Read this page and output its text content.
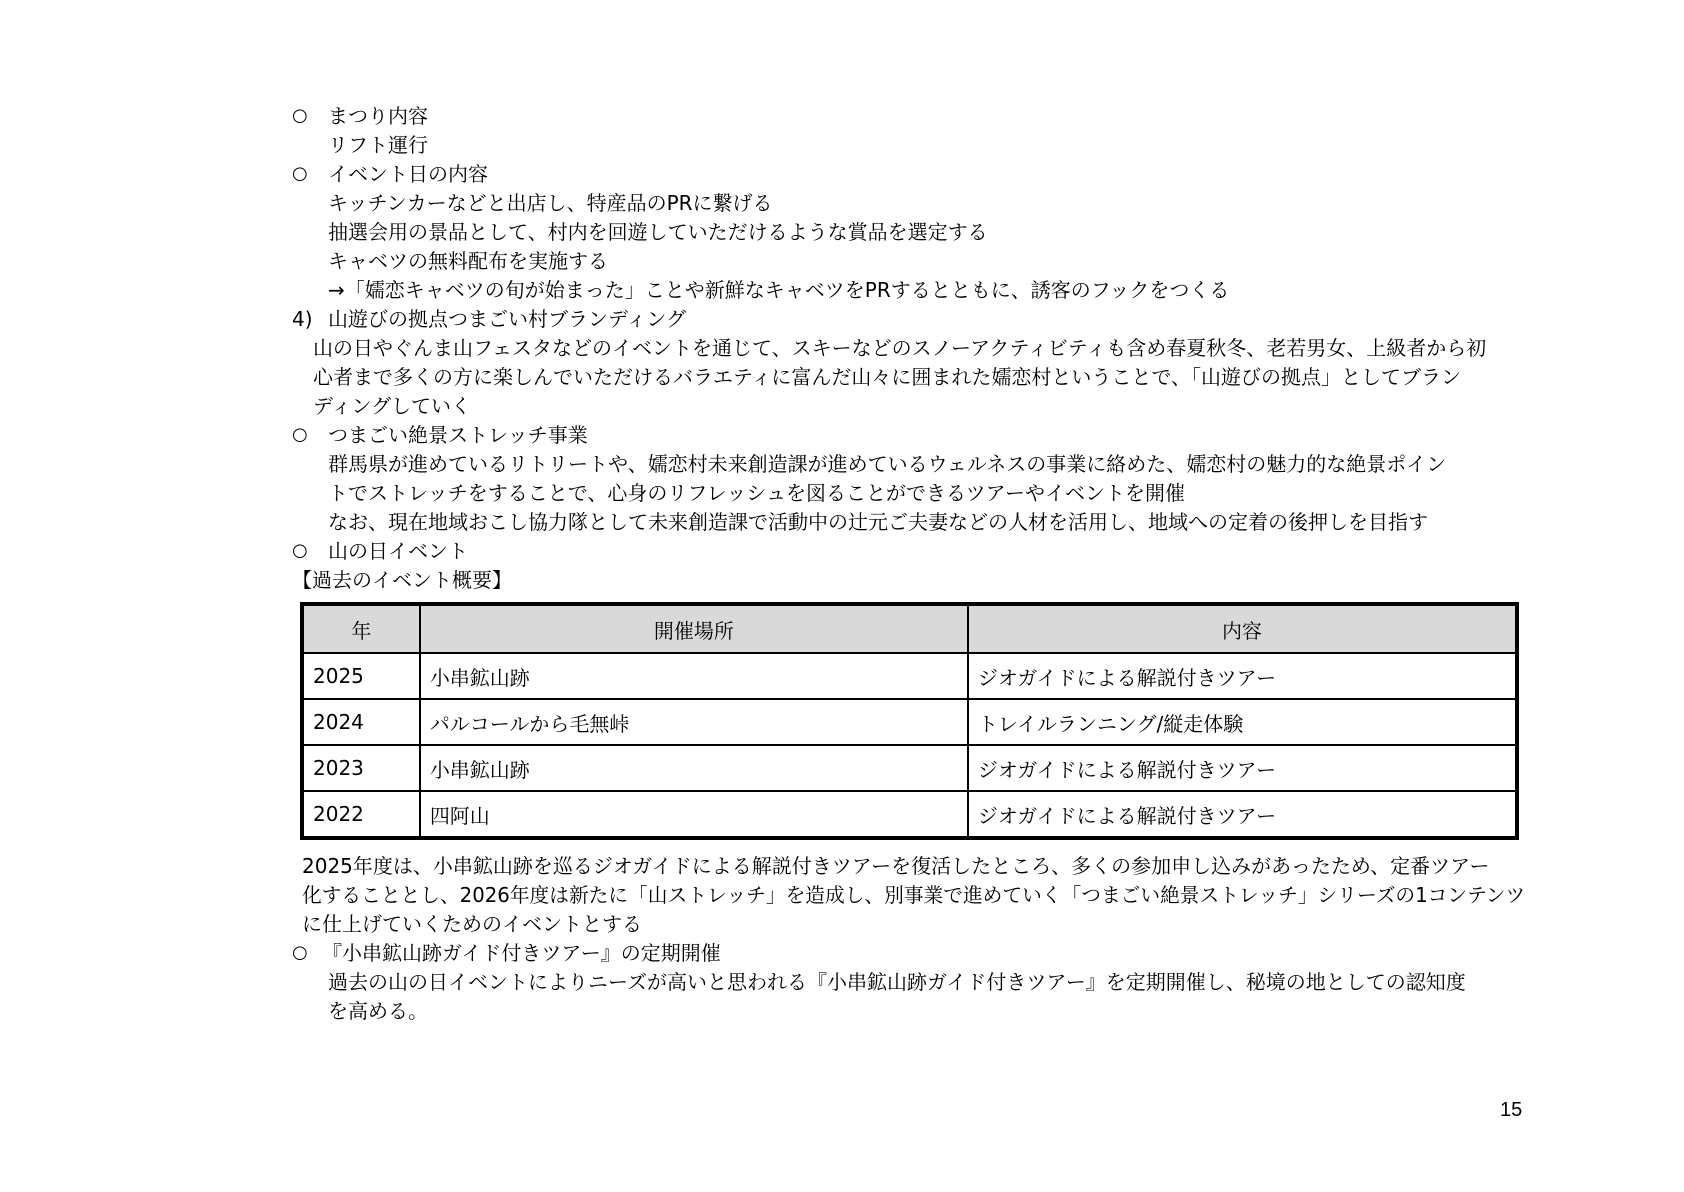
○ まつり内容
リフト運行
○ イベント日の内容
キッチンカーなどと出店し、特産品のPRに繋げる
抽選会用の景品として、村内を回遊していただけるような賞品を選定する
キャベツの無料配布を実施する
→「嬬恋キャベツの旬が始まった」ことや新鮮なキャベツをPRするとともに、誘客のフックをつくる
4) 山遊びの拠点つまごい村ブランディング
山の日やぐんま山フェスタなどのイベントを通じて、スキーなどのスノーアクティビティも含め春夏秋冬、老若男女、上級者から初
心者まで多くの方に楽しんでいただけるバラエティに富んだ山々に囲まれた嬬恋村ということで、「山遊びの拠点」としてブラン
ディングしていく
○ つまごい絶景ストレッチ事業
群馬県が進めているリトリートや、嬬恋村未来創造課が進めているウェルネスの事業に絡めた、嬬恋村の魅力的な絶景ポイン
トでストレッチをすることで、心身のリフレッシュを図ることができるツアーやイベントを開催
なお、現在地域おこし協力隊として未来創造課で活動中の辻元ご夫妻などの人材を活用し、地域への定着の後押しを目指す
○ 山の日イベント
【過去のイベント概要】
年	開催場所	内容
2025	小串鉱山跡	ジオガイドによる解説付きツアー
2024	パルコールから毛無峠	トレイルランニング/縦走体験
2023	小串鉱山跡	ジオガイドによる解説付きツアー
2022	四阿山	ジオガイドによる解説付きツアー
2025年度は、小串鉱山跡を巡るジオガイドによる解説付きツアーを復活したところ、多くの参加申し込みがあったため、定番ツアー
化することとし、2026年度は新たに「山ストレッチ」を造成し、別事業で進めていく「つまごい絶景ストレッチ」シリーズの1コンテンツ
に仕上げていくためのイベントとする
○ 『小串鉱山跡ガイド付きツアー』の定期開催
過去の山の日イベントによりニーズが高いと思われる『小串鉱山跡ガイド付きツアー』を定期開催し、秘境の地としての認知度
を高める。
15
